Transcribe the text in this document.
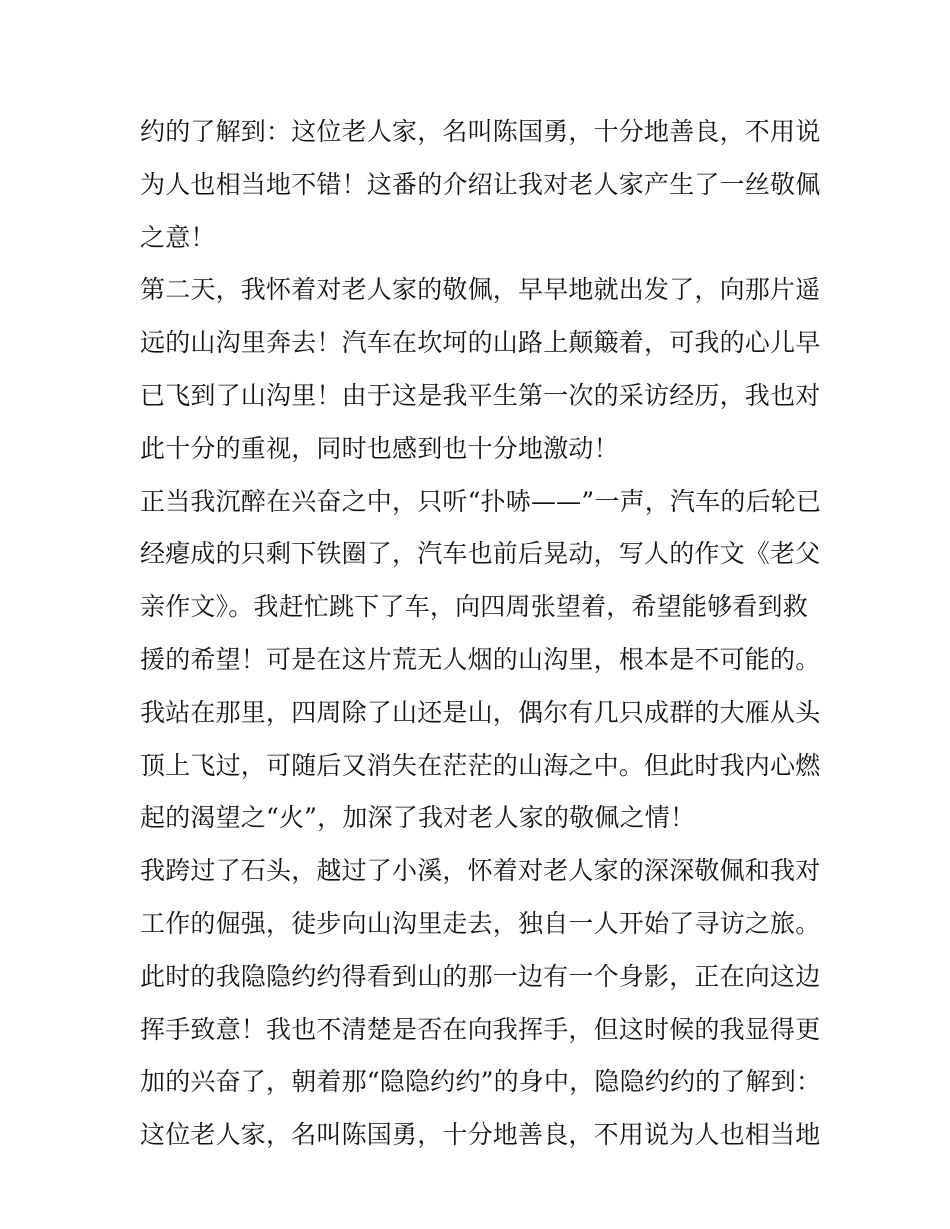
约的了解到：这位老人家，名叫陈国勇，十分地善良，不用说
为人也相当地不错！这番的介绍让我对老人家产生了一丝敬佩
之意！
第二天，我怀着对老人家的敬佩，早早地就出发了，向那片遥
远的山沟里奔去！汽车在坎坷的山路上颠簸着，可我的心儿早
已飞到了山沟里！由于这是我平生第一次的采访经历，我也对
此十分的重视，同时也感到也十分地激动！
正当我沉醉在兴奋之中，只听“扑哧——”一声，汽车的后轮已
经瘪成的只剩下铁圈了，汽车也前后晃动，写人的作文《老父
亲作文》。我赶忙跳下了车，向四周张望着，希望能够看到救
援的希望！可是在这片荒无人烟的山沟里，根本是不可能的。
我站在那里，四周除了山还是山，偶尔有几只成群的大雁从头
顶上飞过，可随后又消失在茫茫的山海之中。但此时我内心燃
起的渴望之“火”，加深了我对老人家的敬佩之情！
我跨过了石头，越过了小溪，怀着对老人家的深深敬佩和我对
工作的倔强，徒步向山沟里走去，独自一人开始了寻访之旅。
此时的我隐隐约约得看到山的那一边有一个身影，正在向这边
挥手致意！我也不清楚是否在向我挥手，但这时候的我显得更
加的兴奋了，朝着那“隐隐约约”的身中，隐隐约约的了解到：
这位老人家，名叫陈国勇，十分地善良，不用说为人也相当地
